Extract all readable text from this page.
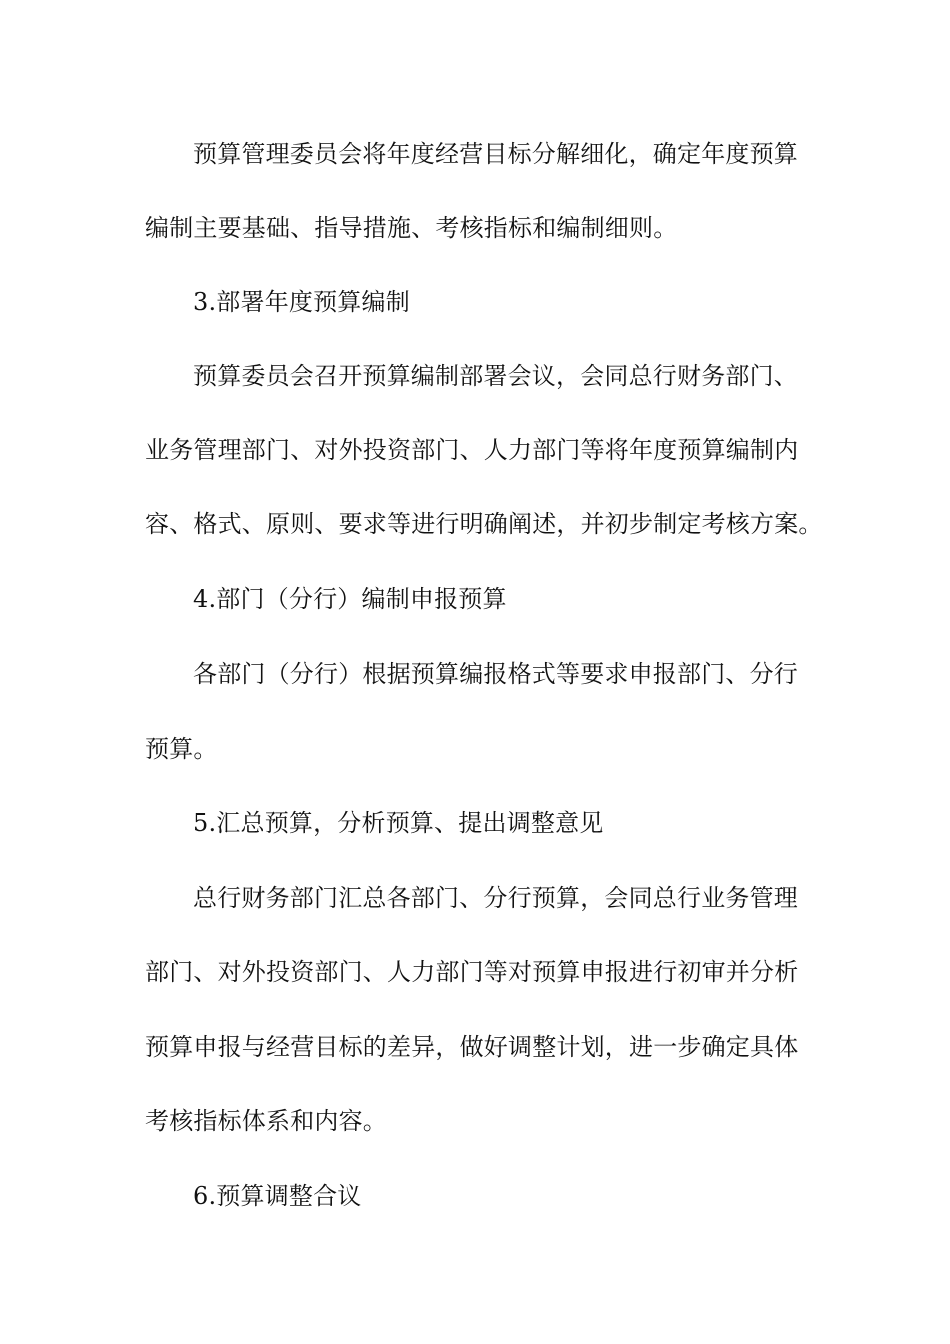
预算管理委员会将年度经营目标分解细化，确定年度预算
编制主要基础、指导措施、考核指标和编制细则。
3.部署年度预算编制
预算委员会召开预算编制部署会议，会同总行财务部门、
业务管理部门、对外投资部门、人力部门等将年度预算编制内
容、格式、原则、要求等进行明确阐述，并初步制定考核方案。
4.部门（分行）编制申报预算
各部门（分行）根据预算编报格式等要求申报部门、分行
预算。
5.汇总预算，分析预算、提出调整意见
总行财务部门汇总各部门、分行预算，会同总行业务管理
部门、对外投资部门、人力部门等对预算申报进行初审并分析
预算申报与经营目标的差异，做好调整计划，进一步确定具体
考核指标体系和内容。
6.预算调整合议
